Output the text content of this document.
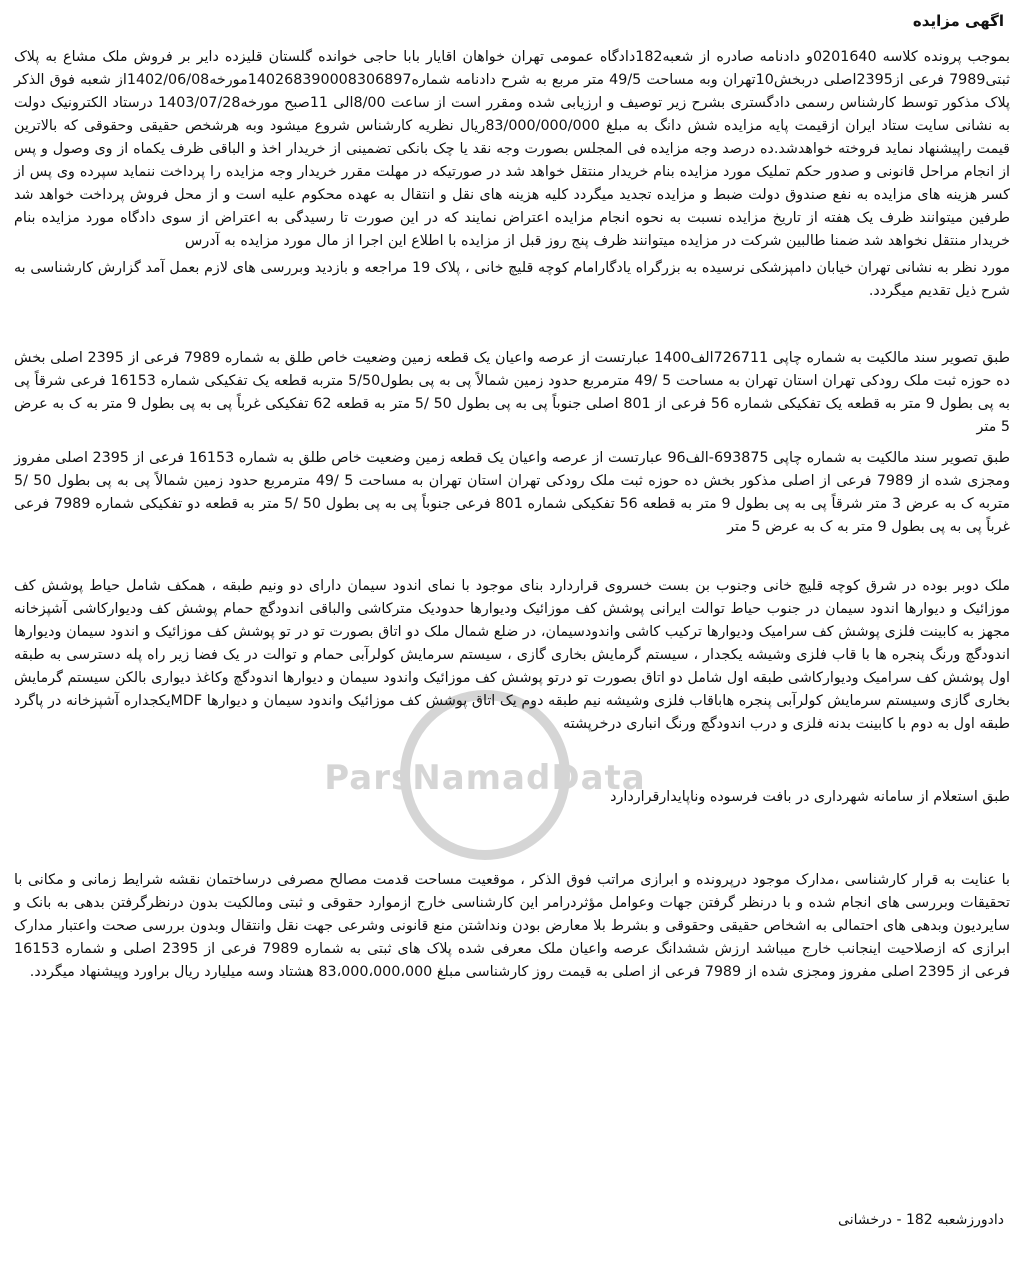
اگهی مزایده

بموجب پرونده کلاسه 0201640و دادنامه صادره از شعبه182دادگاه عمومی تهران خواهان اقایار بابا حاجی خوانده گلستان قلیزده دایر بر فروش ملک مشاع به پلاک ثبتی7989 فرعی از2395اصلی دربخش10تهران وبه مساحت 49/5 متر مربع به شرح دادنامه شماره140268390008306897مورخه1402/06/08از شعبه فوق الذکر پلاک مذکور توسط کارشناس رسمی دادگستری بشرح زیر توصیف و ارزیابی شده ومقرر است از ساعت 8/00الی 11صبح مورخه1403/07/28 درستاد الکترونیک دولت به نشانی سایت ستاد ایران ازقیمت پایه مزایده شش دانگ به مبلغ 83/000/000/000ریال نظریه کارشناس شروع میشود وبه هرشخص حقیقی وحقوقی که بالاترین قیمت راپیشنهاد نماید فروخته خواهدشد.ده درصد وجه مزایده فی المجلس بصورت وجه نقد یا چک بانکی تضمینی از خریدار اخذ و الباقی ظرف یکماه از وی وصول و پس از انجام مراحل قانونی و صدور حکم تملیک مورد مزایده بنام خریدار منتقل خواهد شد در صورتیکه در مهلت مقرر خریدار وجه مزایده را پرداخت ننماید سپرده وی پس از کسر هزینه های مزایده به نفع صندوق دولت ضبط و مزایده تجدید میگردد کلیه هزینه های نقل و انتقال به عهده محکوم علیه است و از محل فروش پرداخت خواهد شد طرفین میتوانند ظرف یک هفته از تاریخ مزایده نسبت به نحوه انجام مزایده اعتراض نمایند که در این صورت تا رسیدگی به اعتراض از سوی دادگاه مورد مزایده بنام خریدار منتقل نخواهد شد ضمنا طالبین شرکت در مزایده میتوانند ظرف پنج روز قبل از مزایده با اطلاع این اجرا از مال مورد مزایده به آدرس

مورد نظر به نشانی تهران خیابان دامپزشکی نرسیده به بزرگراه یادگارامام کوچه قلیچ خانی ، پلاک 19 مراجعه و بازدید وبررسی های لازم بعمل آمد گزارش کارشناسی به شرح ذیل تقدیم میگردد.

طبق تصویر سند مالکیت به شماره چاپی 726711الف1400 عبارتست از عرصه واعیان یک قطعه زمین وضعیت خاص طلق به شماره 7989 فرعی از 2395 اصلی بخش ده حوزه ثبت ملک رودکی تهران استان تهران به مساحت 5 /49 مترمربع حدود زمین شمالاً پی به پی بطول5/50 متربه قطعه یک تفکیکی شماره 16153 فرعی شرقاً پی به پی بطول 9 متر به قطعه یک تفکیکی شماره 56 فرعی از 801 اصلی جنوباً پی به پی بطول 50 /5 متر به قطعه 62 تفکیکی غرباً پی به پی بطول 9 متر به ک به عرض 5 متر

طبق تصویر سند مالکیت به شماره چاپی 693875-الف96 عبارتست از عرصه واعیان یک قطعه زمین وضعیت خاص طلق به شماره 16153 فرعی از 2395 اصلی مفروز ومجزی شده از 7989 فرعی از اصلی مذکور بخش ده حوزه ثبت ملک رودکی تهران استان تهران به مساحت 5 /49 مترمربع حدود زمین شمالاً پی به پی بطول 50 /5 متربه ک به عرض 3 متر شرقاً پی به پی بطول 9 متر به قطعه 56 تفکیکی شماره 801 فرعی جنوباً پی به پی بطول 50 /5 متر به قطعه دو تفکیکی شماره 7989 فرعی غرباً پی به پی بطول 9 متر به ک به عرض 5 متر

ملک دوبر بوده در شرق کوچه قلیچ خانی وجنوب بن بست خسروی قراردارد بنای موجود با نمای اندود سیمان دارای دو ونیم طبقه ، همکف شامل حیاط پوشش کف موزائیک و دیوارها اندود سیمان در جنوب حیاط توالت ایرانی پوشش کف موزائیک ودیوارها حدودیک مترکاشی والباقی اندودگچ حمام پوشش کف ودیوارکاشی آشپزخانه مجهز به کابینت فلزی پوشش کف سرامیک ودیوارها ترکیب کاشی واندودسیمان، در ضلع شمال ملک دو اتاق بصورت تو در تو پوشش کف موزائیک و اندود سیمان ودیوارها اندودگچ ورنگ پنجره ها با قاب فلزی وشیشه یکجدار ، سیستم گرمایش بخاری گازی ، سیستم سرمایش کولرآبی حمام و توالت در یک فضا زیر راه پله دسترسی به طبقه اول پوشش کف سرامیک ودیوارکاشی طبقه اول شامل دو اتاق بصورت تو درتو پوشش کف موزائیک واندود سیمان و دیوارها اندودگچ وکاغذ دیواری بالکن سیستم گرمایش بخاری گازی وسیستم سرمایش کولرآبی پنجره هاباقاب فلزی وشیشه نیم طبقه دوم یک اتاق پوشش کف موزائیک واندود سیمان و دیوارها MDFیکجداره آشپزخانه در پاگرد طبقه اول به دوم با کابینت بدنه فلزی و درب اندودگچ ورنگ انباری درخرپشته

طبق استعلام از سامانه شهرداری در بافت فرسوده وناپایدارقراردارد

با عنایت به قرار کارشناسی ،مدارک موجود درپرونده و ابرازی مراتب فوق الذکر ، موقعیت مساحت قدمت مصالح مصرفی درساختمان نقشه شرایط زمانی و مکانی با تحقیقات وبررسی های انجام شده و با درنظر گرفتن جهات وعوامل مؤثردرامر این کارشناسی خارج ازموارد حقوقی و ثبتی ومالکیت بدون درنظرگرفتن بدهی به بانک و سایردیون وبدهی های احتمالی به اشخاص حقیقی وحقوقی و بشرط بلا معارض بودن ونداشتن منع قانونی وشرعی جهت نقل وانتقال وبدون بررسی صحت واعتبار مدارک ابرازی که ازصلاحیت اینجانب خارج میباشد ارزش ششدانگ عرصه واعیان ملک معرفی شده پلاک های ثبتی به شماره 7989 فرعی از 2395 اصلی و شماره 16153 فرعی از 2395 اصلی مفروز ومجزی شده از 7989 فرعی از اصلی به قیمت روز کارشناسی مبلغ 83،000،000،000 هشتاد وسه میلیارد ریال براورد وپیشنهاد میگردد.

دادورزشعبه 182 - درخشانی
ParsNamadData
